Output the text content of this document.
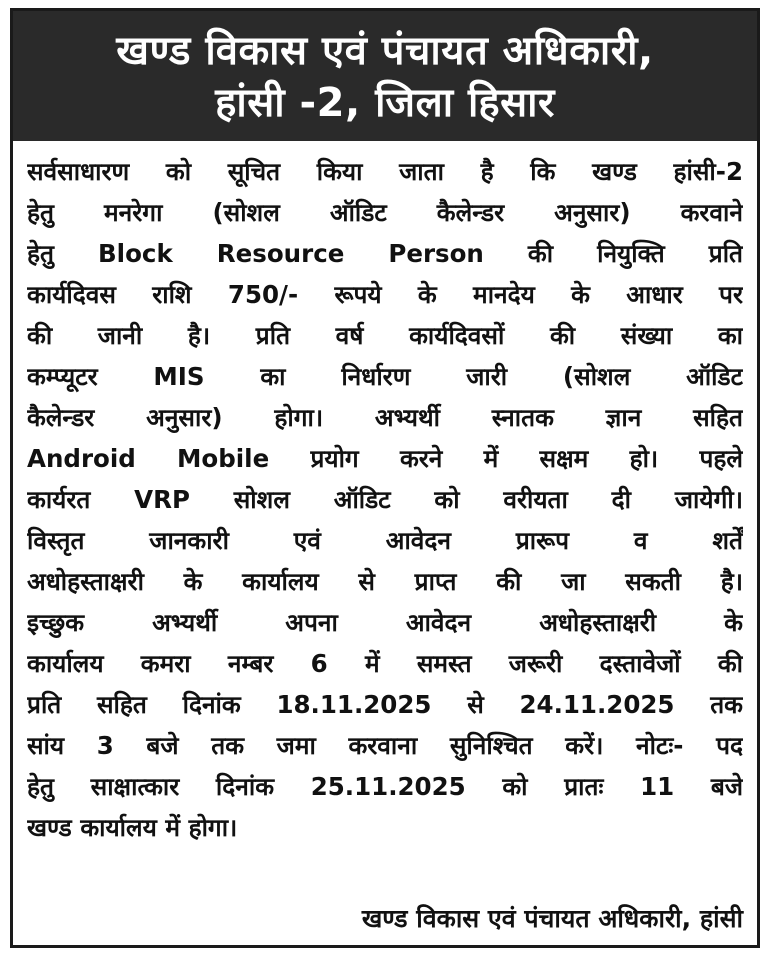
खण्ड विकास एवं पंचायत अधिकारी,
हांसी -2, जिला हिसार
सर्वसाधारण को सूचित किया जाता है कि खण्ड हांसी-2
हेतु मनरेगा (सोशल ऑडिट कैलेन्डर अनुसार) करवाने
हेतु Block Resource Person की नियुक्ति प्रति
कार्यदिवस राशि 750/- रूपये के मानदेय के आधार पर
की जानी है। प्रति वर्ष कार्यदिवसों की संख्या का
कम्प्यूटर MIS का निर्धारण जारी (सोशल ऑडिट
कैलेन्डर अनुसार) होगा। अभ्यर्थी स्नातक ज्ञान सहित
Android Mobile प्रयोग करने में सक्षम हो। पहले
कार्यरत VRP सोशल ऑडिट को वरीयता दी जायेगी।
विस्तृत जानकारी एवं आवेदन प्रारूप व शर्तें
अधोहस्ताक्षरी के कार्यालय से प्राप्त की जा सकती है।
इच्छुक अभ्यर्थी अपना आवेदन अधोहस्ताक्षरी के
कार्यालय कमरा नम्बर 6 में समस्त जरूरी दस्तावेजों की
प्रति सहित दिनांक 18.11.2025 से 24.11.2025 तक
सांय 3 बजे तक जमा करवाना सुनिश्चित करें। नोटः- पद
हेतु साक्षात्कार दिनांक 25.11.2025 को प्रातः 11 बजे
खण्ड कार्यालय में होगा।
खण्ड विकास एवं पंचायत अधिकारी, हांसी
